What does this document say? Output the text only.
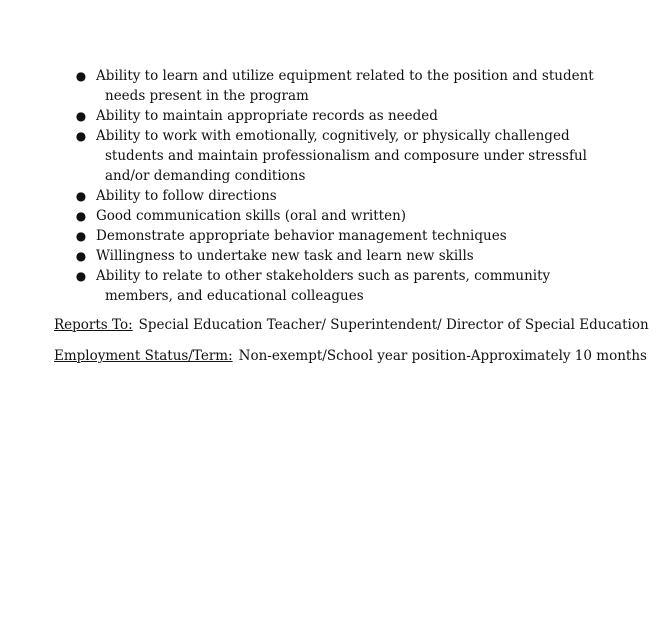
● Ability to learn and utilize equipment related to the position and student needs present in the program
● Ability to maintain appropriate records as needed
● Ability to work with emotionally, cognitively, or physically challenged students and maintain professionalism and composure under stressful and/or demanding conditions
● Ability to follow directions
● Good communication skills (oral and written)
● Demonstrate appropriate behavior management techniques
● Willingness to undertake new task and learn new skills
● Ability to relate to other stakeholders such as parents, community members, and educational colleagues
Reports To: Special Education Teacher/ Superintendent/ Director of Special Education
Employment Status/Term: Non-exempt/School year position-Approximately 10 months
